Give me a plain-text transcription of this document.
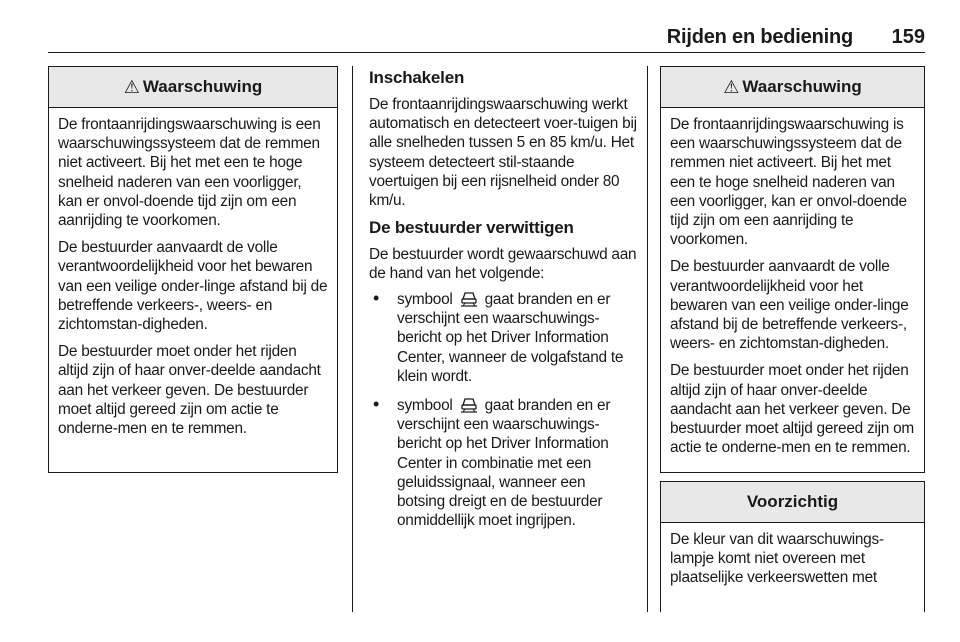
Rijden en bediening 159
⚠ Waarschuwing

De frontaanrijdingswaarschuwing is een waarschuwingssysteem dat de remmen niet activeert. Bij het met een te hoge snelheid naderen van een voorligger, kan er onvol-doende tijd zijn om een aanrijding te voorkomen.

De bestuurder aanvaardt de volle verantwoordelijkheid voor het bewaren van een veilige onder-linge afstand bij de betreffende verkeers-, weers- en zichtomstan-digheden.

De bestuurder moet onder het rijden altijd zijn of haar onver-deelde aandacht aan het verkeer geven. De bestuurder moet altijd gereed zijn om actie te onderne-men en te remmen.

Inschakelen

De frontaanrijdingswaarschuwing werkt automatisch en detecteert voer-tuigen bij alle snelheden tussen 5 en 85 km/u. Het systeem detecteert stil-staande voertuigen bij een rijsnelheid onder 80 km/u.

De bestuurder verwittigen

De bestuurder wordt gewaarschuwd aan de hand van het volgende:

• symbool gaat branden en er verschijnt een waarschuwings-bericht op het Driver Information Center, wanneer de volgafstand te klein wordt.
• symbool gaat branden en er verschijnt een waarschuwings-bericht op het Driver Information Center in combinatie met een geluidssignaal, wanneer een botsing dreigt en de bestuurder onmiddellijk moet ingrijpen.
⚠ Waarschuwing

De frontaanrijdingswaarschuwing is een waarschuwingssysteem dat de remmen niet activeert. Bij het met een te hoge snelheid naderen van een voorligger, kan er onvol-doende tijd zijn om een aanrijding te voorkomen.

De bestuurder aanvaardt de volle verantwoordelijkheid voor het bewaren van een veilige onder-linge afstand bij de betreffende verkeers-, weers- en zichtomstan-digheden.

De bestuurder moet onder het rijden altijd zijn of haar onver-deelde aandacht aan het verkeer geven. De bestuurder moet altijd gereed zijn om actie te onderne-men en te remmen.

Voorzichtig

De kleur van dit waarschuwings-lampje komt niet overeen met plaatselijke verkeerswetten met
